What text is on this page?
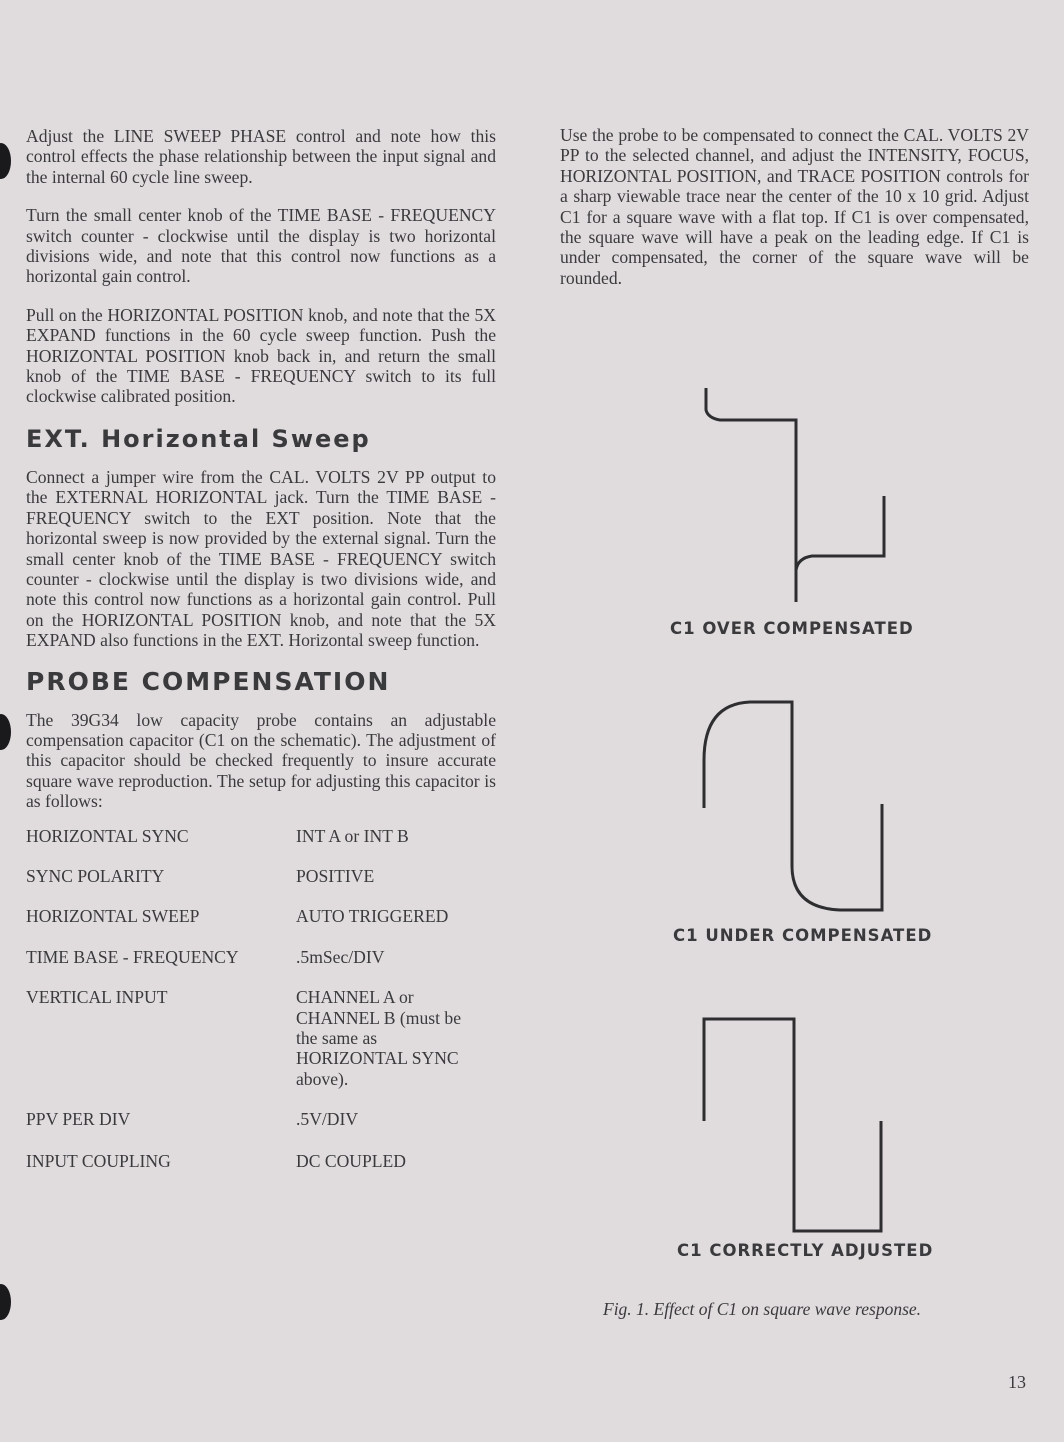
Adjust the LINE SWEEP PHASE control and note how this control effects the phase relationship between the input signal and the internal 60 cycle line sweep.

Turn the small center knob of the TIME BASE - FREQUENCY switch counter - clockwise until the display is two horizontal divisions wide, and note that this control now functions as a horizontal gain control.

Pull on the HORIZONTAL POSITION knob, and note that the 5X EXPAND functions in the 60 cycle sweep function. Push the HORIZONTAL POSITION knob back in, and return the small knob of the TIME BASE - FREQUENCY switch to its full clockwise calibrated position.

EXT. Horizontal Sweep

Connect a jumper wire from the CAL. VOLTS 2V PP output to the EXTERNAL HORIZONTAL jack. Turn the TIME BASE - FREQUENCY switch to the EXT position. Note that the horizontal sweep is now provided by the external signal. Turn the small center knob of the TIME BASE - FREQUENCY switch counter - clockwise until the display is two divisions wide, and note this control now functions as a horizontal gain control. Pull on the HORIZONTAL POSITION knob, and note that the 5X EXPAND also functions in the EXT. Horizontal sweep function.

PROBE COMPENSATION

The 39G34 low capacity probe contains an adjustable compensation capacitor (C1 on the schematic). The adjustment of this capacitor should be checked frequently to insure accurate square wave reproduction. The setup for adjusting this capacitor is as follows:

HORIZONTAL SYNC	INT A or INT B
SYNC POLARITY	POSITIVE
HORIZONTAL SWEEP	AUTO TRIGGERED
TIME BASE - FREQUENCY	.5mSec/DIV
VERTICAL INPUT	CHANNEL A or CHANNEL B (must be the same as HORIZONTAL SYNC above).
PPV PER DIV	.5V/DIV
INPUT COUPLING	DC COUPLED

Use the probe to be compensated to connect the CAL. VOLTS 2V PP to the selected channel, and adjust the INTENSITY, FOCUS, HORIZONTAL POSITION, and TRACE POSITION controls for a sharp viewable trace near the center of the 10 x 10 grid. Adjust C1 for a square wave with a flat top. If C1 is over compensated, the square wave will have a peak on the leading edge. If C1 is under compensated, the corner of the square wave will be rounded.

C1 OVER COMPENSATED
C1 UNDER COMPENSATED
C1 CORRECTLY ADJUSTED
Fig. 1. Effect of C1 on square wave response.
13
